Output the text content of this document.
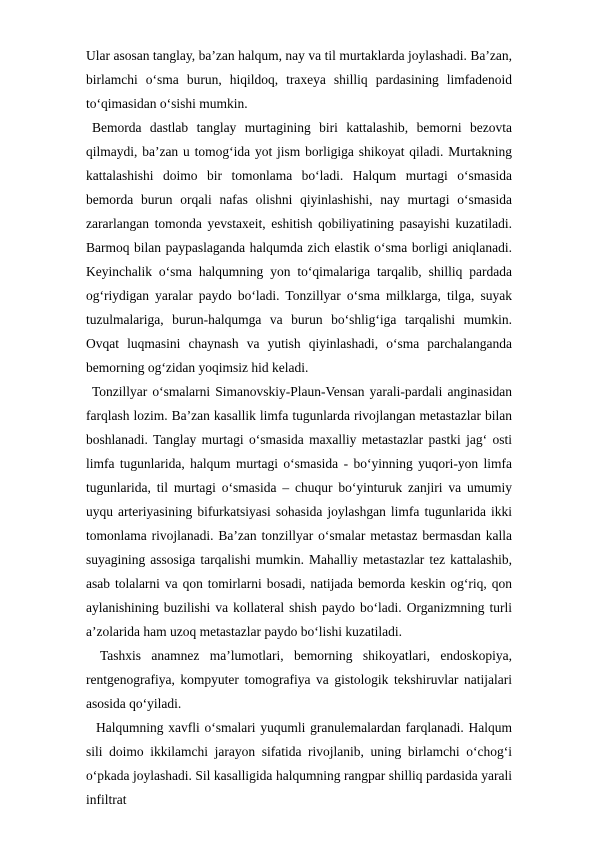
Ular asosan tanglay, ba’zan halqum, nay va til murtaklarda joylashadi. Ba’zan, birlamchi o‘sma burun, hiqildoq, traxeya shilliq pardasining limfadenoid to‘qimasidan o‘sishi mumkin.

Bemorda dastlab tanglay murtagining biri kattalashib, bemorni bezovta qilmaydi, ba’zan u tomog‘ida yot jism borligiga shikoyat qiladi. Murtakning kattalashishi doimo bir tomonlama bo‘ladi. Halqum murtagi o‘smasida bemorda burun orqali nafas olishni qiyinlashishi, nay murtagi o‘smasida zararlangan tomonda yevstaxeit, eshitish qobiliyatining pasayishi kuzatiladi. Barmoq bilan paypaslaganda halqumda zich elastik o‘sma borligi aniqlanadi. Keyinchalik o‘sma halqumning yon to‘qimalariga tarqalib, shilliq pardada og‘riydigan yaralar paydo bo‘ladi. Tonzillyar o‘sma milklarga, tilga, suyak tuzulmalariga, burun-halqumga va burun bo‘shlig‘iga tarqalishi mumkin. Ovqat luqmasini chaynash va yutish qiyinlashadi, o‘sma parchalanganda bemorning og‘zidan yoqimsiz hid keladi.

Tonzillyar o‘smalarni Simanovskiy-Plaun-Vensan yarali-pardali anginasidan farqlash lozim. Ba’zan kasallik limfa tugunlarda rivojlangan metastazlar bilan boshlanadi. Tanglay murtagi o‘smasida maxalliy metastazlar pastki jag‘ osti limfa tugunlarida, halqum murtagi o‘smasida - bo‘yinning yuqori-yon limfa tugunlarida, til murtagi o‘smasida – chuqur bo‘yinturuk zanjiri va umumiy uyqu arteriyasining bifurkatsiyasi sohasida joylashgan limfa tugunlarida ikki tomonlama rivojlanadi. Ba’zan tonzillyar o‘smalar metastaz bermasdan kalla suyagining assosiga tarqalishi mumkin. Mahalliy metastazlar tez kattalashib, asab tolalarni va qon tomirlarni bosadi, natijada bemorda keskin og‘riq, qon aylanishining buzilishi va kollateral shish paydo bo‘ladi. Organizmning turli a’zolarida ham uzoq metastazlar paydo bo‘lishi kuzatiladi.

Tashxis anamnez ma’lumotlari, bemorning shikoyatlari, endoskopiya, rentgenografiya, kompyuter tomografiya va gistologik tekshiruvlar natijalari asosida qo‘yiladi.

Halqumning xavfli o‘smalari yuqumli granulemalardan farqlanadi. Halqum sili doimo ikkilamchi jarayon sifatida rivojlanib, uning birlamchi o‘chog‘i o‘pkada joylashadi. Sil kasalligida halqumning rangpar shilliq pardasida yarali infiltrat
